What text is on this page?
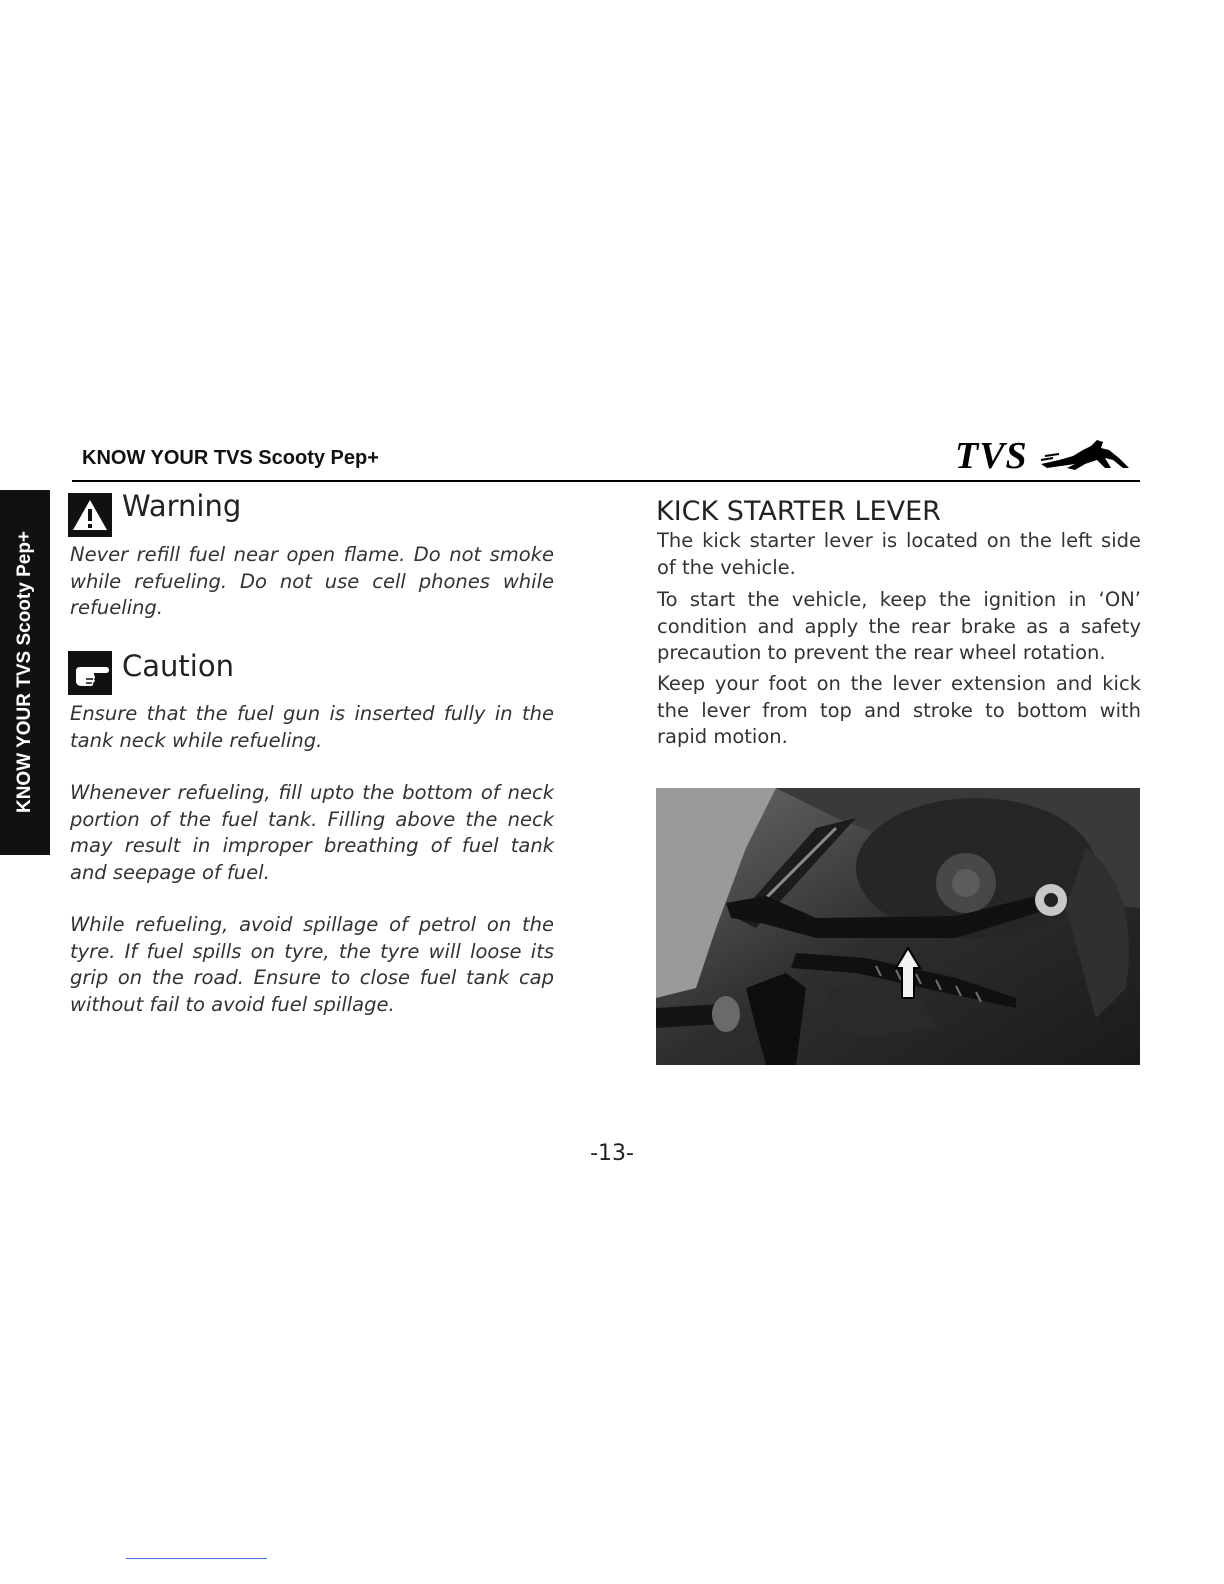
KNOW YOUR TVS Scooty Pep+	TVS
KNOW YOUR TVS Scooty Pep+
Warning

Never refill fuel near open flame. Do not smoke while refueling. Do not use cell phones while refueling.

Caution

Ensure that the fuel gun is inserted fully in the tank neck while refueling.

Whenever refueling, fill upto the bottom of neck portion of the fuel tank. Filling above the neck may result in improper breathing of fuel tank and seepage of fuel.

While refueling, avoid spillage of petrol on the tyre. If fuel spills on tyre, the tyre will loose its grip on the road. Ensure to close fuel tank cap without fail to avoid fuel spillage.

KICK STARTER LEVER

The kick starter lever is located on the left side of the vehicle.

To start the vehicle, keep the ignition in ‘ON’ condition and apply the rear brake as a safety precaution to prevent the rear wheel rotation.

Keep your foot on the lever extension and kick the lever from top and stroke to bottom with rapid motion.

-13-
